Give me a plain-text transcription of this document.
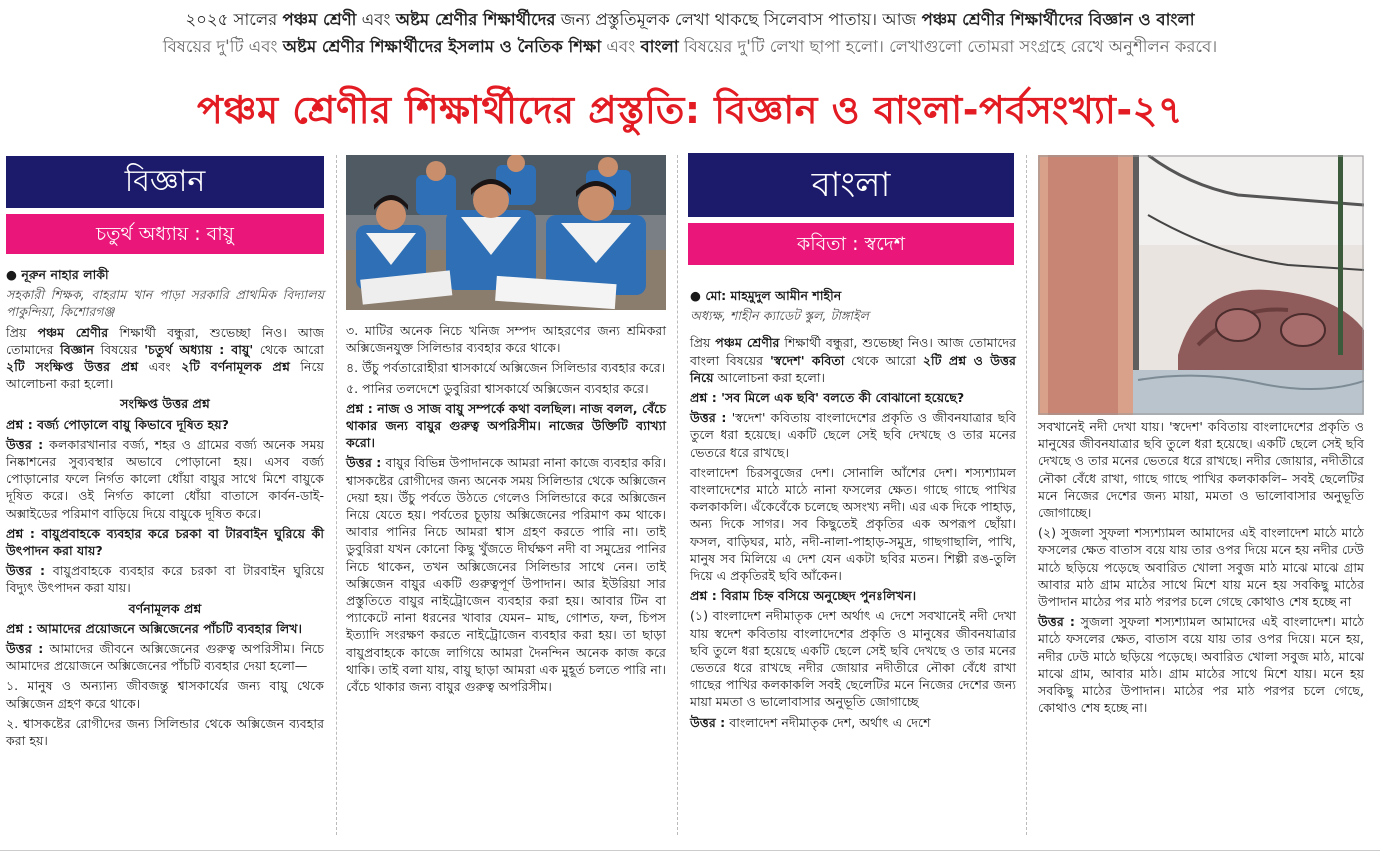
২০২৫ সালের পঞ্চম শ্রেণী এবং অষ্টম শ্রেণীর শিক্ষার্থীদের জন্য প্রস্তুতিমূলক লেখা থাকছে সিলেবাস পাতায়। আজ পঞ্চম শ্রেণীর শিক্ষার্থীদের বিজ্ঞান ও বাংলা
বিষয়ের দু'টি এবং অষ্টম শ্রেণীর শিক্ষার্থীদের ইসলাম ও নৈতিক শিক্ষা এবং বাংলা বিষয়ের দু'টি লেখা ছাপা হলো। লেখাগুলো তোমরা সংগ্রহে রেখে অনুশীলন করবে।
পঞ্চম শ্রেণীর শিক্ষার্থীদের প্রস্তুতি: বিজ্ঞান ও বাংলা-পর্বসংখ্যা-২৭
বিজ্ঞান
চতুর্থ অধ্যায় : বায়ু

● নূরুন নাহার লাকী

সহকারী শিক্ষক, বাহরাম খান পাড়া সরকারি প্রাথমিক বিদ্যালয় পাকুন্দিয়া, কিশোরগঞ্জ

প্রিয় পঞ্চম শ্রেণীর শিক্ষার্থী বন্ধুরা, শুভেচ্ছা নিও। আজ তোমাদের বিজ্ঞান বিষয়ের 'চতুর্থ অধ্যায় : বায়ু' থেকে আরো ২টি সংক্ষিপ্ত উত্তর প্রশ্ন এবং ২টি বর্ণনামূলক প্রশ্ন নিয়ে আলোচনা করা হলো।

সংক্ষিপ্ত উত্তর প্রশ্ন

প্রশ্ন : বর্জ্য পোড়ালে বায়ু কিভাবে দূষিত হয়?

উত্তর : কলকারখানার বর্জ্য, শহর ও গ্রামের বর্জ্য অনেক সময় নিষ্কাশনের সুব্যবস্থার অভাবে পোড়ানো হয়। এসব বর্জ্য পোড়ানোর ফলে নির্গত কালো ধোঁয়া বায়ুর সাথে মিশে বায়ুকে দূষিত করে। ওই নির্গত কালো ধোঁয়া বাতাসে কার্বন-ডাই-অক্সাইডের পরিমাণ বাড়িয়ে দিয়ে বায়ুকে দূষিত করে।

প্রশ্ন : বায়ুপ্রবাহকে ব্যবহার করে চরকা বা টারবাইন ঘুরিয়ে কী উৎপাদন করা যায়?

উত্তর : বায়ুপ্রবাহকে ব্যবহার করে চরকা বা টারবাইন ঘুরিয়ে বিদ্যুৎ উৎপাদন করা যায়।

বর্ণনামূলক প্রশ্ন

প্রশ্ন : আমাদের প্রয়োজনে অক্সিজেনের পাঁচটি ব্যবহার লিখ।

উত্তর : আমাদের জীবনে অক্সিজেনের গুরুত্ব অপরিসীম। নিচে আমাদের প্রয়োজনে অক্সিজেনের পাঁচটি ব্যবহার দেয়া হলো—

১. মানুষ ও অন্যান্য জীবজন্তু শ্বাসকার্যের জন্য বায়ু থেকে অক্সিজেন গ্রহণ করে থাকে।

২. শ্বাসকষ্টের রোগীদের জন্য সিলিন্ডার থেকে অক্সিজেন ব্যবহার করা হয়।

৩. মাটির অনেক নিচে খনিজ সম্পদ আহরণের জন্য শ্রমিকরা অক্সিজেনযুক্ত সিলিন্ডার ব্যবহার করে থাকে।

৪. উঁচু পর্বতারোহীরা শ্বাসকার্যে অক্সিজেন সিলিন্ডার ব্যবহার করে।

৫. পানির তলদেশে ডুবুরিরা শ্বাসকার্যে অক্সিজেন ব্যবহার করে।

প্রশ্ন : নাজ ও সাজ বায়ু সম্পর্কে কথা বলছিল। নাজ বলল, বেঁচে থাকার জন্য বায়ুর গুরুত্ব অপরিসীম। নাজের উক্তিটি ব্যাখ্যা করো।

উত্তর : বায়ুর বিভিন্ন উপাদানকে আমরা নানা কাজে ব্যবহার করি। শ্বাসকষ্টের রোগীদের জন্য অনেক সময় সিলিন্ডার থেকে অক্সিজেন দেয়া হয়। উঁচু পর্বতে উঠতে গেলেও সিলিন্ডারে করে অক্সিজেন নিয়ে যেতে হয়। পর্বতের চূড়ায় অক্সিজেনের পরিমাণ কম থাকে। আবার পানির নিচে আমরা শ্বাস গ্রহণ করতে পারি না। তাই ডুবুরিরা যখন কোনো কিছু খুঁজতে দীর্ঘক্ষণ নদী বা সমুদ্রের পানির নিচে থাকেন, তখন অক্সিজেনের সিলিন্ডার সাথে নেন। তাই অক্সিজেন বায়ুর একটি গুরুত্বপূর্ণ উপাদান। আর ইউরিয়া সার প্রস্তুতিতে বায়ুর নাইট্রোজেন ব্যবহার করা হয়। আবার টিন বা প্যাকেটে নানা ধরনের খাবার যেমন– মাছ, গোশত, ফল, চিপস ইত্যাদি সংরক্ষণ করতে নাইট্রোজেন ব্যবহার করা হয়। তা ছাড়া বায়ুপ্রবাহকে কাজে লাগিয়ে আমরা দৈনন্দিন অনেক কাজ করে থাকি। তাই বলা যায়, বায়ু ছাড়া আমরা এক মুহূর্ত চলতে পারি না। বেঁচে থাকার জন্য বায়ুর গুরুত্ব অপরিসীম।

বাংলা
কবিতা : স্বদেশ

● মো: মাহমুদুল আমীন শাহীন

অধ্যক্ষ, শাহীন ক্যাডেট স্কুল, টাঙ্গাইল

প্রিয় পঞ্চম শ্রেণীর শিক্ষার্থী বন্ধুরা, শুভেচ্ছা নিও। আজ তোমাদের বাংলা বিষয়ের 'স্বদেশ' কবিতা থেকে আরো ২টি প্রশ্ন ও উত্তর নিয়ে আলোচনা করা হলো।

প্রশ্ন : 'সব মিলে এক ছবি' বলতে কী বোঝানো হয়েছে?

উত্তর : 'স্বদেশ' কবিতায় বাংলাদেশের প্রকৃতি ও জীবনযাত্রার ছবি তুলে ধরা হয়েছে। একটি ছেলে সেই ছবি দেখছে ও তার মনের ভেতরে ধরে রাখছে।

বাংলাদেশ চিরসবুজের দেশ। সোনালি আঁশের দেশ। শস্যশ্যামল বাংলাদেশের মাঠে মাঠে নানা ফসলের ক্ষেত। গাছে গাছে পাখির কলকাকলি। এঁকেবেঁকে চলেছে অসংখ্য নদী। এর এক দিকে পাহাড়, অন্য দিকে সাগর। সব কিছুতেই প্রকৃতির এক অপরূপ ছোঁয়া। ফসল, বাড়িঘর, মাঠ, নদী-নালা-পাহাড়-সমুদ্র, গাছগাছালি, পাখি, মানুষ সব মিলিয়ে এ দেশ যেন একটা ছবির মতন। শিল্পী রঙ-তুলি দিয়ে এ প্রকৃতিরই ছবি আঁকেন।

প্রশ্ন : বিরাম চিহ্ন বসিয়ে অনুচ্ছেদ পুনঃলিখন।

(১) বাংলাদেশ নদীমাতৃক দেশ অর্থাৎ এ দেশে সবখানেই নদী দেখা যায় স্বদেশ কবিতায় বাংলাদেশের প্রকৃতি ও মানুষের জীবনযাত্রার ছবি তুলে ধরা হয়েছে একটি ছেলে সেই ছবি দেখছে ও তার মনের ভেতরে ধরে রাখছে নদীর জোয়ার নদীতীরে নৌকা বেঁধে রাখা গাছের পাখির কলকাকলি সবই ছেলেটির মনে নিজের দেশের জন্য মায়া মমতা ও ভালোবাসার অনুভূতি জোগাচ্ছে

উত্তর : বাংলাদেশ নদীমাতৃক দেশ, অর্থাৎ এ দেশে

সবখানেই নদী দেখা যায়। 'স্বদেশ' কবিতায় বাংলাদেশের প্রকৃতি ও মানুষের জীবনযাত্রার ছবি তুলে ধরা হয়েছে। একটি ছেলে সেই ছবি দেখছে ও তার মনের ভেতরে ধরে রাখছে। নদীর জোয়ার, নদীতীরে নৌকা বেঁধে রাখা, গাছে গাছে পাখির কলকাকলি– সবই ছেলেটির মনে নিজের দেশের জন্য মায়া, মমতা ও ভালোবাসার অনুভূতি জোগাচ্ছে।

(২) সুজলা সুফলা শস্যশ্যামল আমাদের এই বাংলাদেশ মাঠে মাঠে ফসলের ক্ষেত বাতাস বয়ে যায় তার ওপর দিয়ে মনে হয় নদীর ঢেউ মাঠে ছড়িয়ে পড়েছে অবারিত খোলা সবুজ মাঠ মাঝে মাঝে গ্রাম আবার মাঠ গ্রাম মাঠের সাথে মিশে যায় মনে হয় সবকিছু মাঠের উপাদান মাঠের পর মাঠ পরপর চলে গেছে কোথাও শেষ হচ্ছে না

উত্তর : সুজলা সুফলা শস্যশ্যামল আমাদের এই বাংলাদেশ। মাঠে মাঠে ফসলের ক্ষেত, বাতাস বয়ে যায় তার ওপর দিয়ে। মনে হয়, নদীর ঢেউ মাঠে ছড়িয়ে পড়েছে। অবারিত খোলা সবুজ মাঠ, মাঝে মাঝে গ্রাম, আবার মাঠ। গ্রাম মাঠের সাথে মিশে যায়। মনে হয় সবকিছু মাঠের উপাদান। মাঠের পর মাঠ পরপর চলে গেছে, কোথাও শেষ হচ্ছে না।
